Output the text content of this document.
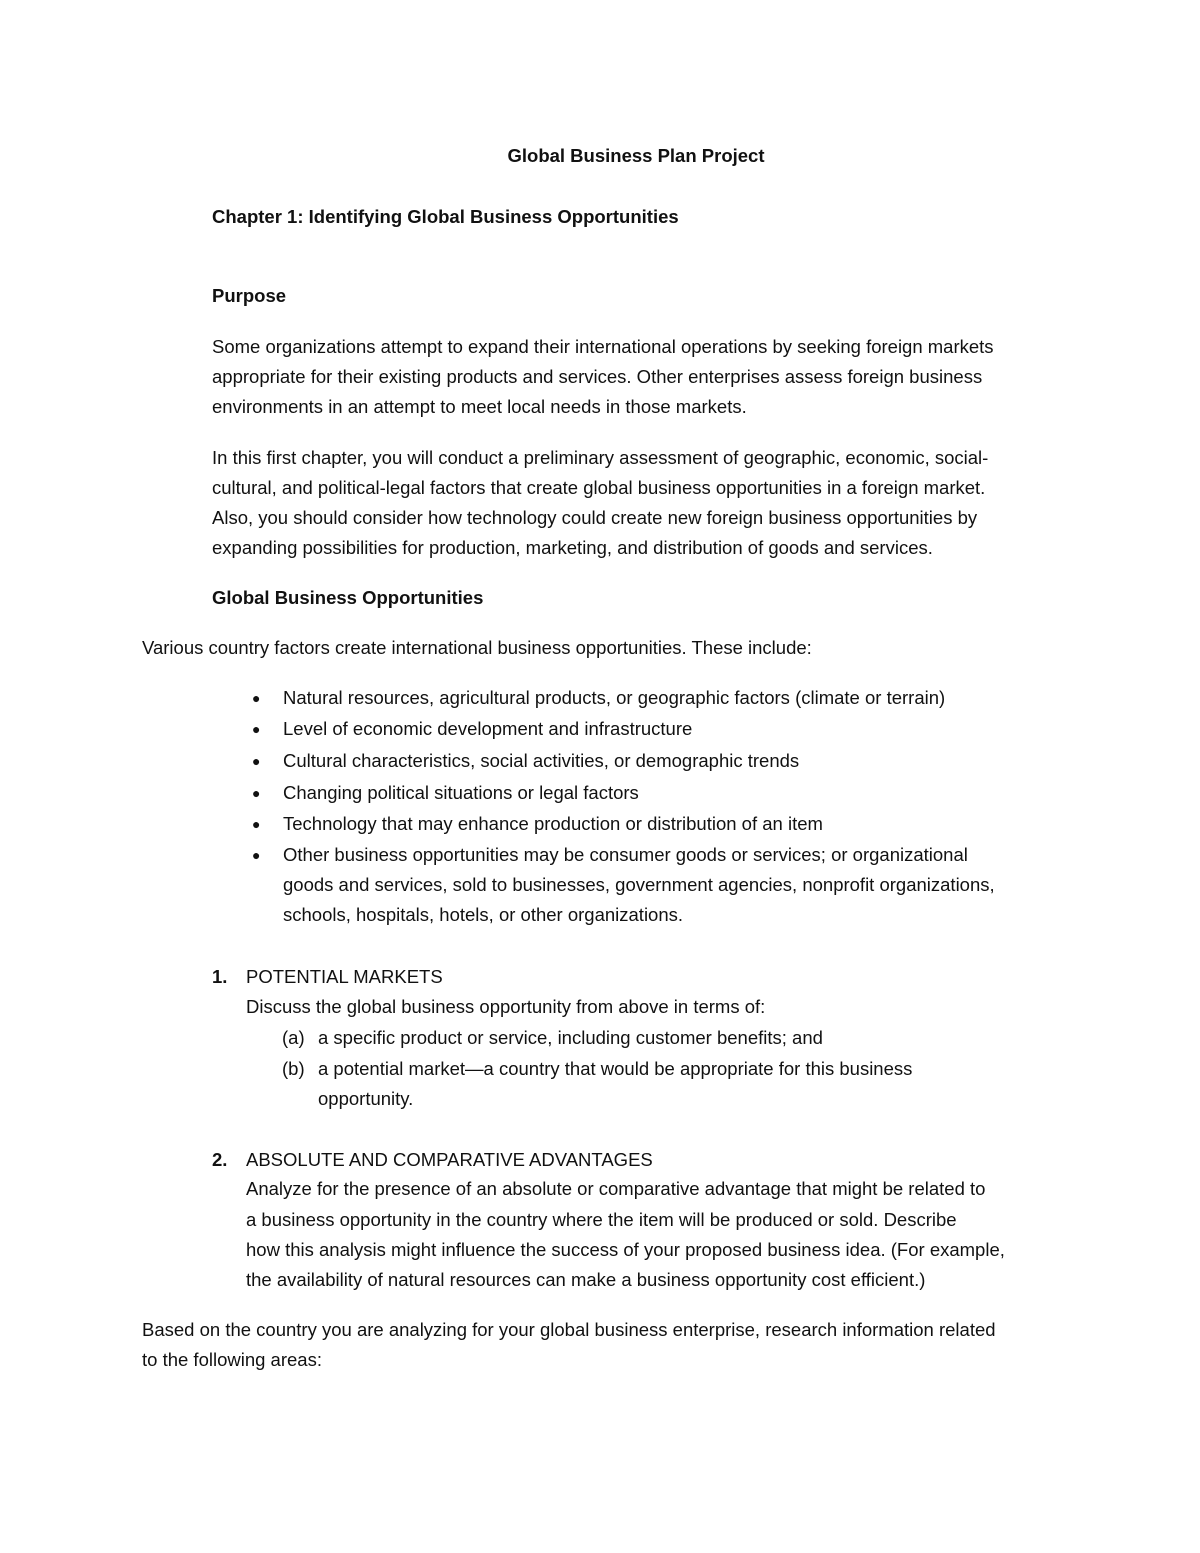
Global Business Plan Project
Chapter 1: Identifying Global Business Opportunities
Purpose
Some organizations attempt to expand their international operations by seeking foreign markets
appropriate for their existing products and services. Other enterprises assess foreign business
environments in an attempt to meet local needs in those markets.
In this first chapter, you will conduct a preliminary assessment of geographic, economic, social-
cultural, and political-legal factors that create global business opportunities in a foreign market.
Also, you should consider how technology could create new foreign business opportunities by
expanding possibilities for production, marketing, and distribution of goods and services.
Global Business Opportunities
Various country factors create international business opportunities. These include:
● Natural resources, agricultural products, or geographic factors (climate or terrain)
● Level of economic development and infrastructure
● Cultural characteristics, social activities, or demographic trends
● Changing political situations or legal factors
● Technology that may enhance production or distribution of an item
● Other business opportunities may be consumer goods or services; or organizational
goods and services, sold to businesses, government agencies, nonprofit organizations,
schools, hospitals, hotels, or other organizations.
1. POTENTIAL MARKETS
Discuss the global business opportunity from above in terms of:
(a) a specific product or service, including customer benefits; and
(b) a potential market—a country that would be appropriate for this business
opportunity.
2. ABSOLUTE AND COMPARATIVE ADVANTAGES
Analyze for the presence of an absolute or comparative advantage that might be related to
a business opportunity in the country where the item will be produced or sold. Describe
how this analysis might influence the success of your proposed business idea. (For example,
the availability of natural resources can make a business opportunity cost efficient.)
Based on the country you are analyzing for your global business enterprise, research information related
to the following areas:
